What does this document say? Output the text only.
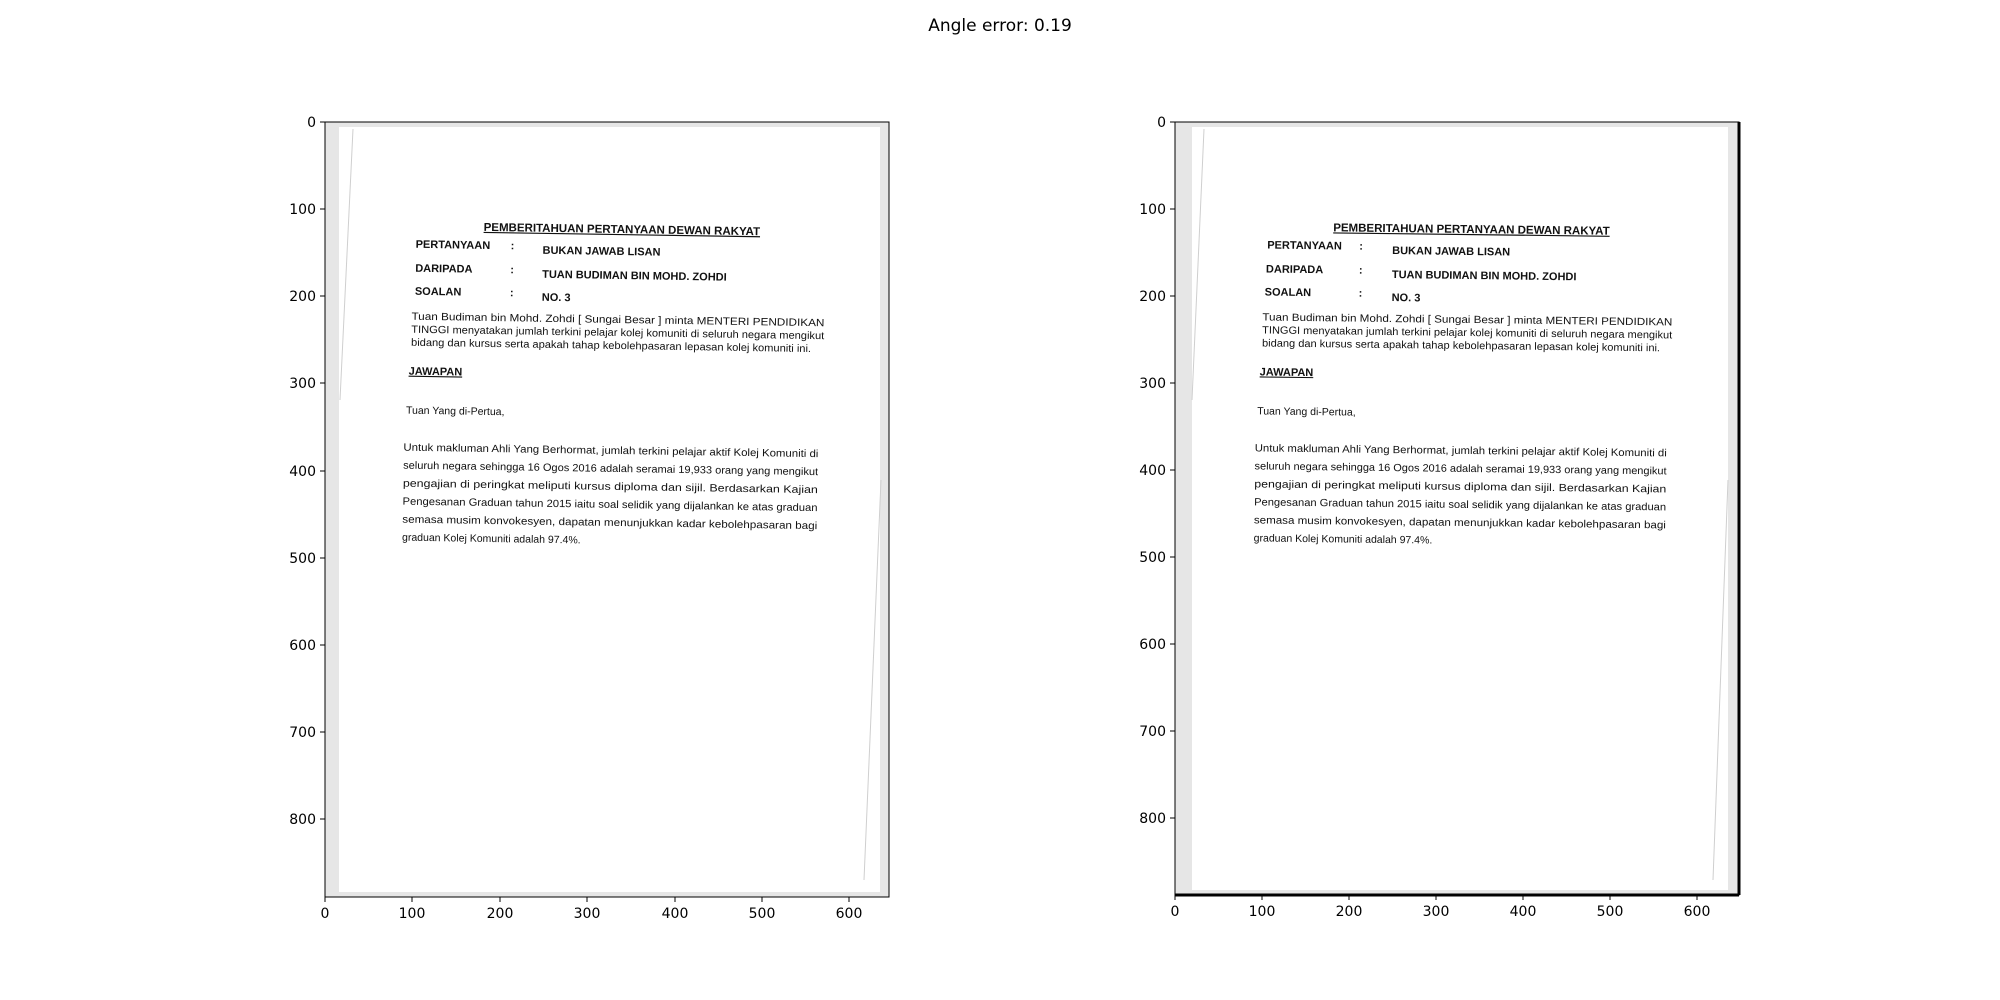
Angle error: 0.19
PEMBERITAHUAN PERTANYAAN DEWAN RAKYAT
PERTANYAAN :	BUKAN JAWAB LISAN
DARIPADA	:	TUAN BUDIMAN BIN MOHD. ZOHDI
SOALAN	:	NO. 3
Tuan Budiman bin Mohd. Zohdi [ Sungai Besar ] minta MENTERI PENDIDIKAN
TINGGI menyatakan jumlah terkini pelajar kolej komuniti di seluruh negara mengikut
bidang dan kursus serta apakah tahap kebolehpasaran lepasan kolej komuniti ini.
JAWAPAN
Tuan Yang di-Pertua,
Untuk makluman Ahli Yang Berhormat, jumlah terkini pelajar aktif Kolej Komuniti di
seluruh negara sehingga 16 Ogos 2016 adalah seramai 19,933 orang yang mengikut
pengajian di peringkat meliputi kursus diploma dan sijil. Berdasarkan Kajian
Pengesanan Graduan tahun 2015 iaitu soal selidik yang dijalankan ke atas graduan
semasa musim konvokesyen, dapatan menunjukkan kadar kebolehpasaran bagi
graduan Kolej Komuniti adalah 97.4%.
0	100	200	300	400	500	600
0
100
200
300
400
500
600
700
800
PEMBERITAHUAN PERTANYAAN DEWAN RAKYAT
PERTANYAAN :	BUKAN JAWAB LISAN
DARIPADA	:	TUAN BUDIMAN BIN MOHD. ZOHDI
SOALAN	:	NO. 3
Tuan Budiman bin Mohd. Zohdi [ Sungai Besar ] minta MENTERI PENDIDIKAN
TINGGI menyatakan jumlah terkini pelajar kolej komuniti di seluruh negara mengikut
bidang dan kursus serta apakah tahap kebolehpasaran lepasan kolej komuniti ini.
JAWAPAN
Tuan Yang di-Pertua,
Untuk makluman Ahli Yang Berhormat, jumlah terkini pelajar aktif Kolej Komuniti di
seluruh negara sehingga 16 Ogos 2016 adalah seramai 19,933 orang yang mengikut
pengajian di peringkat meliputi kursus diploma dan sijil. Berdasarkan Kajian
Pengesanan Graduan tahun 2015 iaitu soal selidik yang dijalankan ke atas graduan
semasa musim konvokesyen, dapatan menunjukkan kadar kebolehpasaran bagi
graduan Kolej Komuniti adalah 97.4%.
0	100	200	300	400	500	600
0
100
200
300
400
500
600
700
800
